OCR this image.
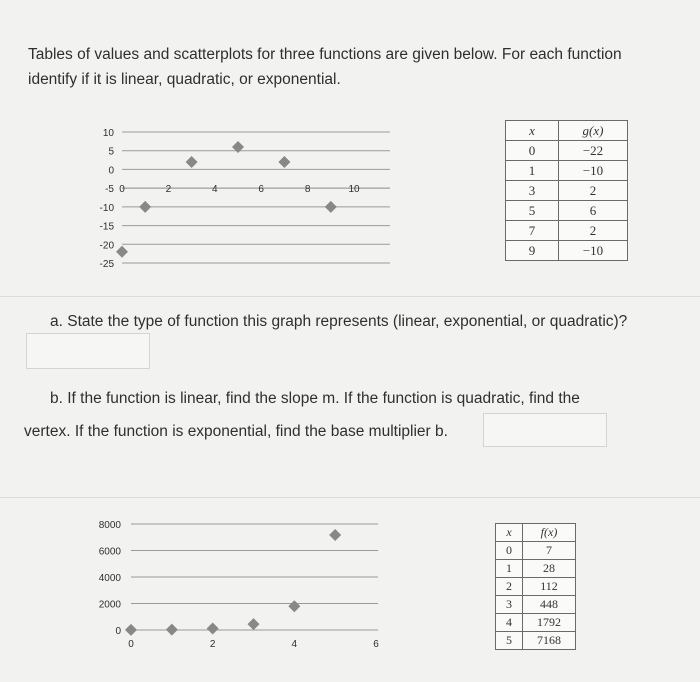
Tables of values and scatterplots for three functions are given below. For each function
identify if it is linear, quadratic, or exponential.
10
5
0
-5
-10
-15
-20
-25
0	2	4	6	8	10
x	g(x)
0	−22
1	−10
3	2
5	6
7	2
9	−10
a. State the type of function this graph represents (linear, exponential, or quadratic)?
b. If the function is linear, find the slope m. If the function is quadratic, find the
vertex. If the function is exponential, find the base multiplier b.
8000
6000
4000
2000
0
0	2	4	6
x	f(x)
0	7
1	28
2	112
3	448
4	1792
5	7168
